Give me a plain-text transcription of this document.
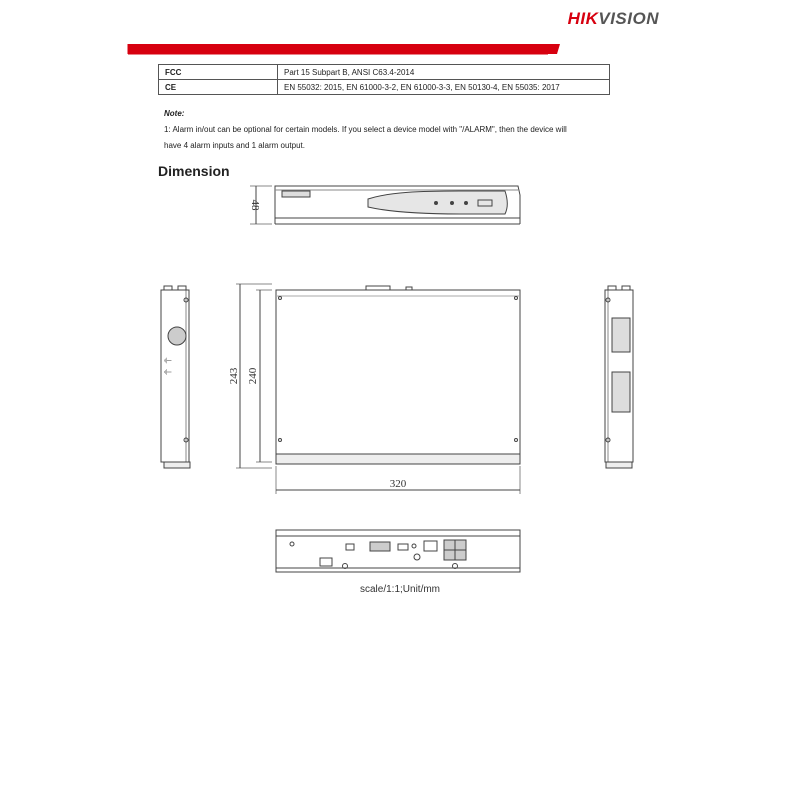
HIKVISION
FCC	Part 15 Subpart B, ANSI C63.4-2014
CE	EN 55032: 2015, EN 61000-3-2, EN 61000-3-3, EN 50130-4, EN 55035: 2017
Note:
1: Alarm in/out can be optional for certain models. If you select a device model with "/ALARM", then the device will
have 4 alarm inputs and 1 alarm output.
Dimension
48
⏚ ⏚	243 240
320
scale/1:1;Unit/mm
